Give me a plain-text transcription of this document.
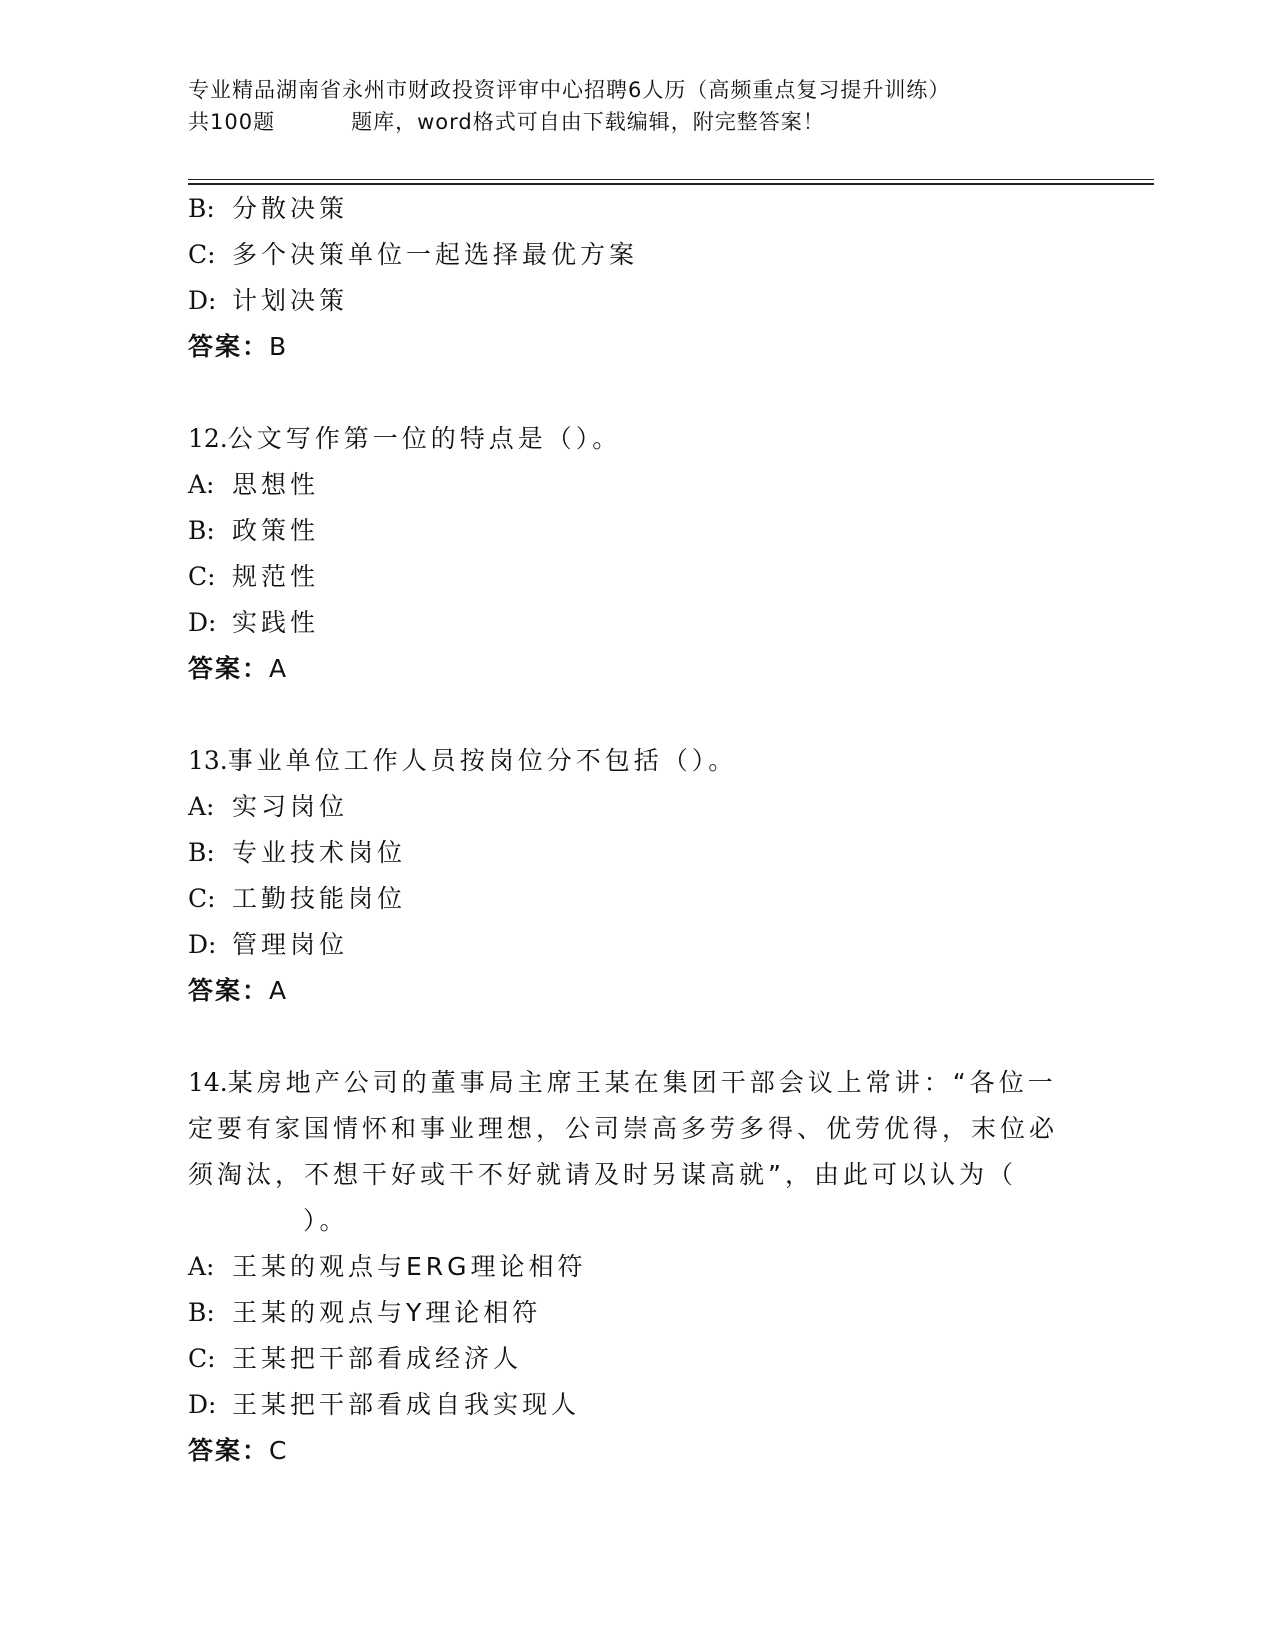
专业精品湖南省永州市财政投资评审中心招聘6人历（高频重点复习提升训练）
共100题	题库，word格式可自由下载编辑，附完整答案！
B: 分散决策
C: 多个决策单位一起选择最优方案
D: 计划决策
答案：B
12.公文写作第一位的特点是（）。
A: 思想性
B: 政策性
C: 规范性
D: 实践性
答案：A
13.事业单位工作人员按岗位分不包括（）。
A: 实习岗位
B: 专业技术岗位
C: 工勤技能岗位
D: 管理岗位
答案：A
14.某房地产公司的董事局主席王某在集团干部会议上常讲：“各位一
定要有家国情怀和事业理想，公司崇高多劳多得、优劳优得，末位必
须淘汰，不想干好或干不好就请及时另谋高就”，由此可以认为（
）。
A: 王某的观点与ERG理论相符
B: 王某的观点与Y理论相符
C: 王某把干部看成经济人
D: 王某把干部看成自我实现人
答案：C
